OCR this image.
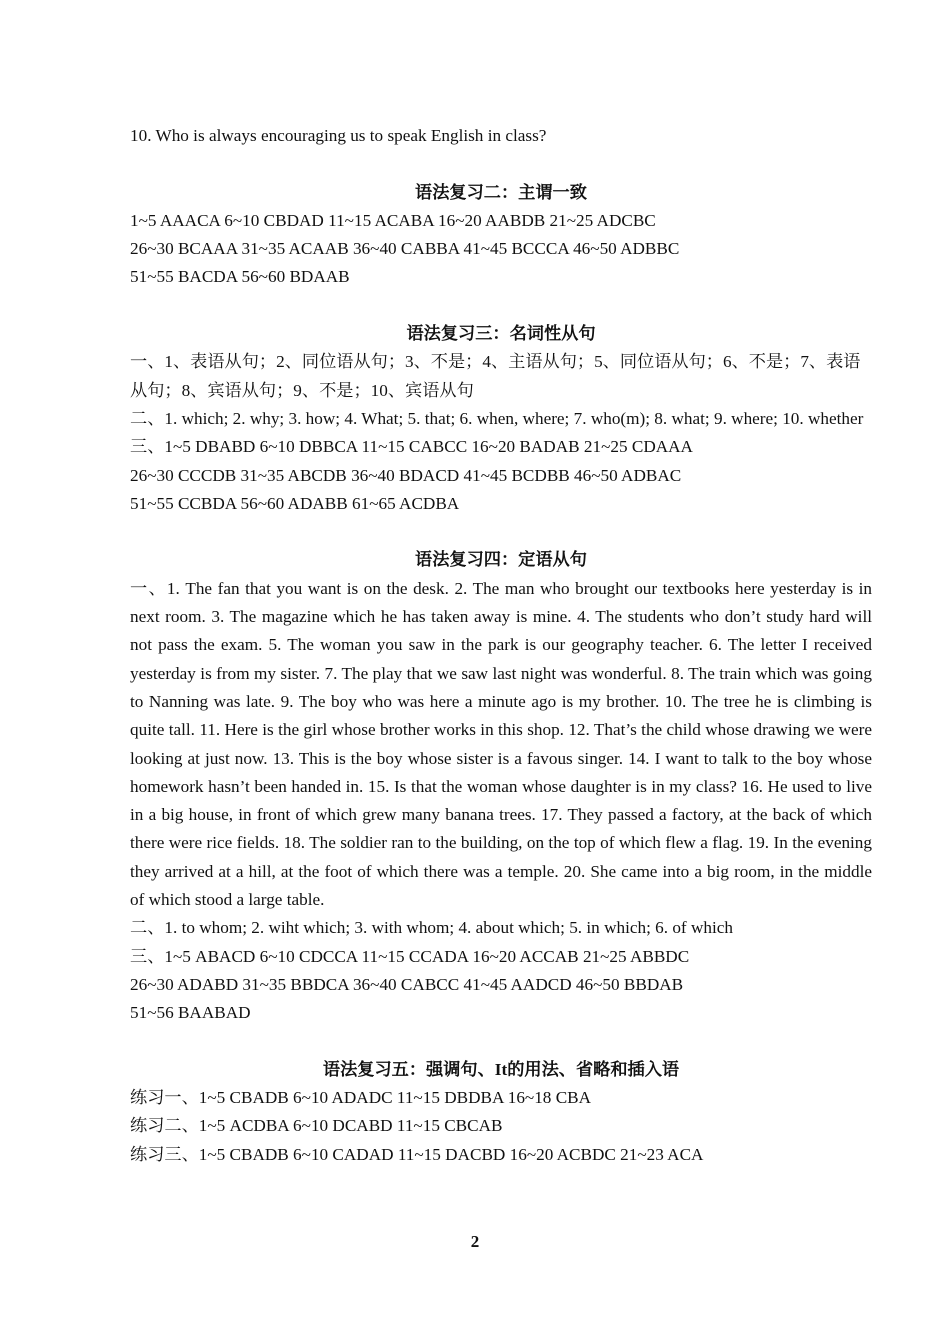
10. Who is always encouraging us to speak English in class?
语法复习二：主谓一致
1~5 AAACA 6~10 CBDAD 11~15 ACABA 16~20 AABDB 21~25 ADCBC
26~30 BCAAA 31~35 ACAAB 36~40 CABBA 41~45 BCCCA 46~50 ADBBC
51~55 BACDA 56~60 BDAAB
语法复习三：名词性从句
一、1、表语从句；2、同位语从句；3、不是；4、主语从句；5、同位语从句；6、不是；7、表语从句；8、宾语从句；9、不是；10、宾语从句
二、1. which; 2. why; 3. how; 4. What; 5. that; 6. when, where; 7. who(m); 8. what; 9. where; 10. whether
三、1~5 DBABD 6~10 DBBCA 11~15 CABCC 16~20 BADAB 21~25 CDAAA
26~30 CCCDB 31~35 ABCDB 36~40 BDACD 41~45 BCDBB 46~50 ADBAC
51~55 CCBDA 56~60 ADABB 61~65 ACDBA
语法复习四：定语从句
一、1. The fan that you want is on the desk. 2. The man who brought our textbooks here yesterday is in next room. 3. The magazine which he has taken away is mine. 4. The students who don’t study hard will not pass the exam. 5. The woman you saw in the park is our geography teacher. 6. The letter I received yesterday is from my sister. 7. The play that we saw last night was wonderful. 8. The train which was going to Nanning was late. 9. The boy who was here a minute ago is my brother. 10. The tree he is climbing is quite tall. 11. Here is the girl whose brother works in this shop. 12. That’s the child whose drawing we were looking at just now. 13. This is the boy whose sister is a favous singer. 14. I want to talk to the boy whose homework hasn’t been handed in. 15. Is that the woman whose daughter is in my class? 16. He used to live in a big house, in front of which grew many banana trees. 17. They passed a factory, at the back of which there were rice fields. 18. The soldier ran to the building, on the top of which flew a flag. 19. In the evening they arrived at a hill, at the foot of which there was a temple. 20. She came into a big room, in the middle of which stood a large table.
二、1. to whom; 2. wiht which; 3. with whom; 4. about which; 5. in which; 6. of which
三、1~5 ABACD 6~10 CDCCA 11~15 CCADA 16~20 ACCAB 21~25 ABBDC
26~30 ADABD 31~35 BBDCA 36~40 CABCC 41~45 AADCD 46~50 BBDAB
51~56 BAABAD
语法复习五：强调句、It的用法、省略和插入语
练习一、1~5 CBADB 6~10 ADADC 11~15 DBDBA 16~18 CBA
练习二、1~5 ACDBA 6~10 DCABD 11~15 CBCAB
练习三、1~5 CBADB 6~10 CADAD 11~15 DACBD 16~20 ACBDC 21~23 ACA
2
